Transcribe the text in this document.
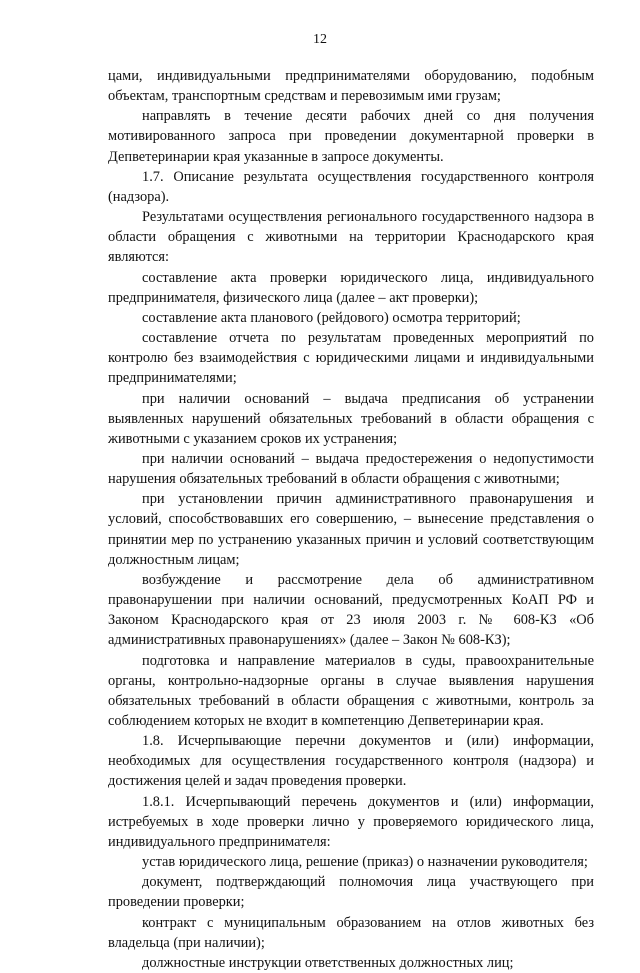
12

цами, индивидуальными предпринимателями оборудованию, подобным объектам, транспортным средствам и перевозимым ими грузам;

направлять в течение десяти рабочих дней со дня получения мотивированного запроса при проведении документарной проверки в Депветеринарии края указанные в запросе документы.

1.7. Описание результата осуществления государственного контроля (надзора).

Результатами осуществления регионального государственного надзора в области обращения с животными на территории Краснодарского края являются:

составление акта проверки юридического лица, индивидуального предпринимателя, физического лица (далее – акт проверки);

составление акта планового (рейдового) осмотра территорий;

составление отчета по результатам проведенных мероприятий по контролю без взаимодействия с юридическими лицами и индивидуальными предпринимателями;

при наличии оснований – выдача предписания об устранении выявленных нарушений обязательных требований в области обращения с животными с указанием сроков их устранения;

при наличии оснований – выдача предостережения о недопустимости нарушения обязательных требований в области обращения с животными;

при установлении причин административного правонарушения и условий, способствовавших его совершению, – вынесение представления о принятии мер по устранению указанных причин и условий соответствующим должностным лицам;

возбуждение и рассмотрение дела об административном правонарушении при наличии оснований, предусмотренных КоАП РФ и Законом Краснодарского края от 23 июля 2003 г. № 608-КЗ «Об административных правонарушениях» (далее – Закон № 608-КЗ);

подготовка и направление материалов в суды, правоохранительные органы, контрольно-надзорные органы в случае выявления нарушения обязательных требований в области обращения с животными, контроль за соблюдением которых не входит в компетенцию Депветеринарии края.

1.8. Исчерпывающие перечни документов и (или) информации, необходимых для осуществления государственного контроля (надзора) и достижения целей и задач проведения проверки.

1.8.1. Исчерпывающий перечень документов и (или) информации, истребуемых в ходе проверки лично у проверяемого юридического лица, индивидуального предпринимателя:

устав юридического лица, решение (приказ) о назначении руководителя;

документ, подтверждающий полномочия лица участвующего при проведении проверки;

контракт с муниципальным образованием на отлов животных без владельца (при наличии);

должностные инструкции ответственных должностных лиц;
